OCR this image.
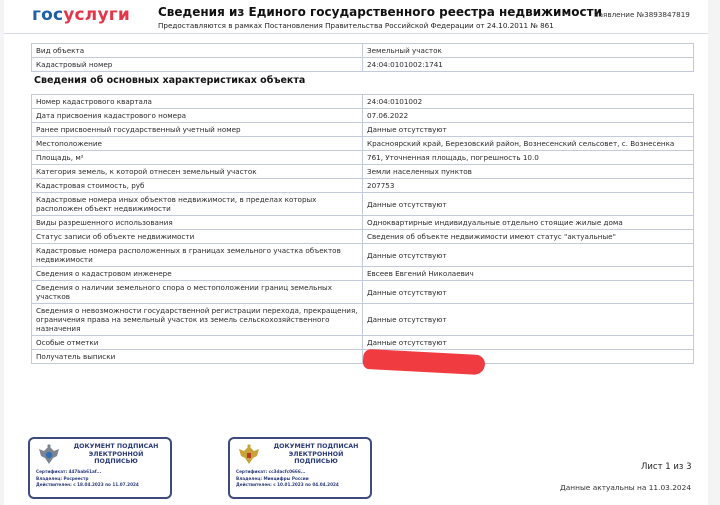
госуслуги Сведения из Единого государственного реестра недвижимости
Предоставляются в рамках Постановления Правительства Российской Федерации от 24.10.2011 № 861
Заявление №3893847819
Вид объекта	Земельный участок
Кадастровый номер	24:04:0101002:1741
Сведения об основных характеристиках объекта
Номер кадастрового квартала	24:04:0101002
Дата присвоения кадастрового номера	07.06.2022
Ранее присвоенный государственный учетный номер	Данные отсутствуют
Местоположение	Красноярский край, Березовский район, Вознесенский сельсовет, с. Вознесенка
Площадь, м²	761, Уточненная площадь, погрешность 10.0
Категория земель, к которой отнесен земельный участок	Земли населенных пунктов
Кадастровая стоимость, руб	207753
Кадастровые номера иных объектов недвижимости, в пределах которых расположен объект недвижимости	Данные отсутствуют
Виды разрешенного использования	Одноквартирные индивидуальные отдельно стоящие жилые дома
Статус записи об объекте недвижимости	Сведения об объекте недвижимости имеют статус "актуальные"
Кадастровые номера расположенных в границах земельного участка объектов недвижимости	Данные отсутствуют
Сведения о кадастровом инженере	Евсеев Евгений Николаевич
Сведения о наличии земельного спора о местоположении границ земельных участков	Данные отсутствуют
Сведения о невозможности государственной регистрации перехода, прекращения, ограничения права на земельный участок из земель сельскохозяйственного назначения	Данные отсутствуют
Особые отметки	Данные отсутствуют
Получатель выписки	
ДОКУМЕНТ ПОДПИСАН
ЭЛЕКТРОННОЙ
ПОДПИСЬЮ
Сертификат: 447bab61af...
Владелец: Росреестр
Действителен: с 18.04.2023 по 11.07.2024
ДОКУМЕНТ ПОДПИСАН
ЭЛЕКТРОННОЙ
ПОДПИСЬЮ
Сертификат: cc3dacfc0666...
Владелец: Минцифры России
Действителен: с 10.01.2023 по 04.04.2024
Лист 1 из 3
Данные актуальны на 11.03.2024
